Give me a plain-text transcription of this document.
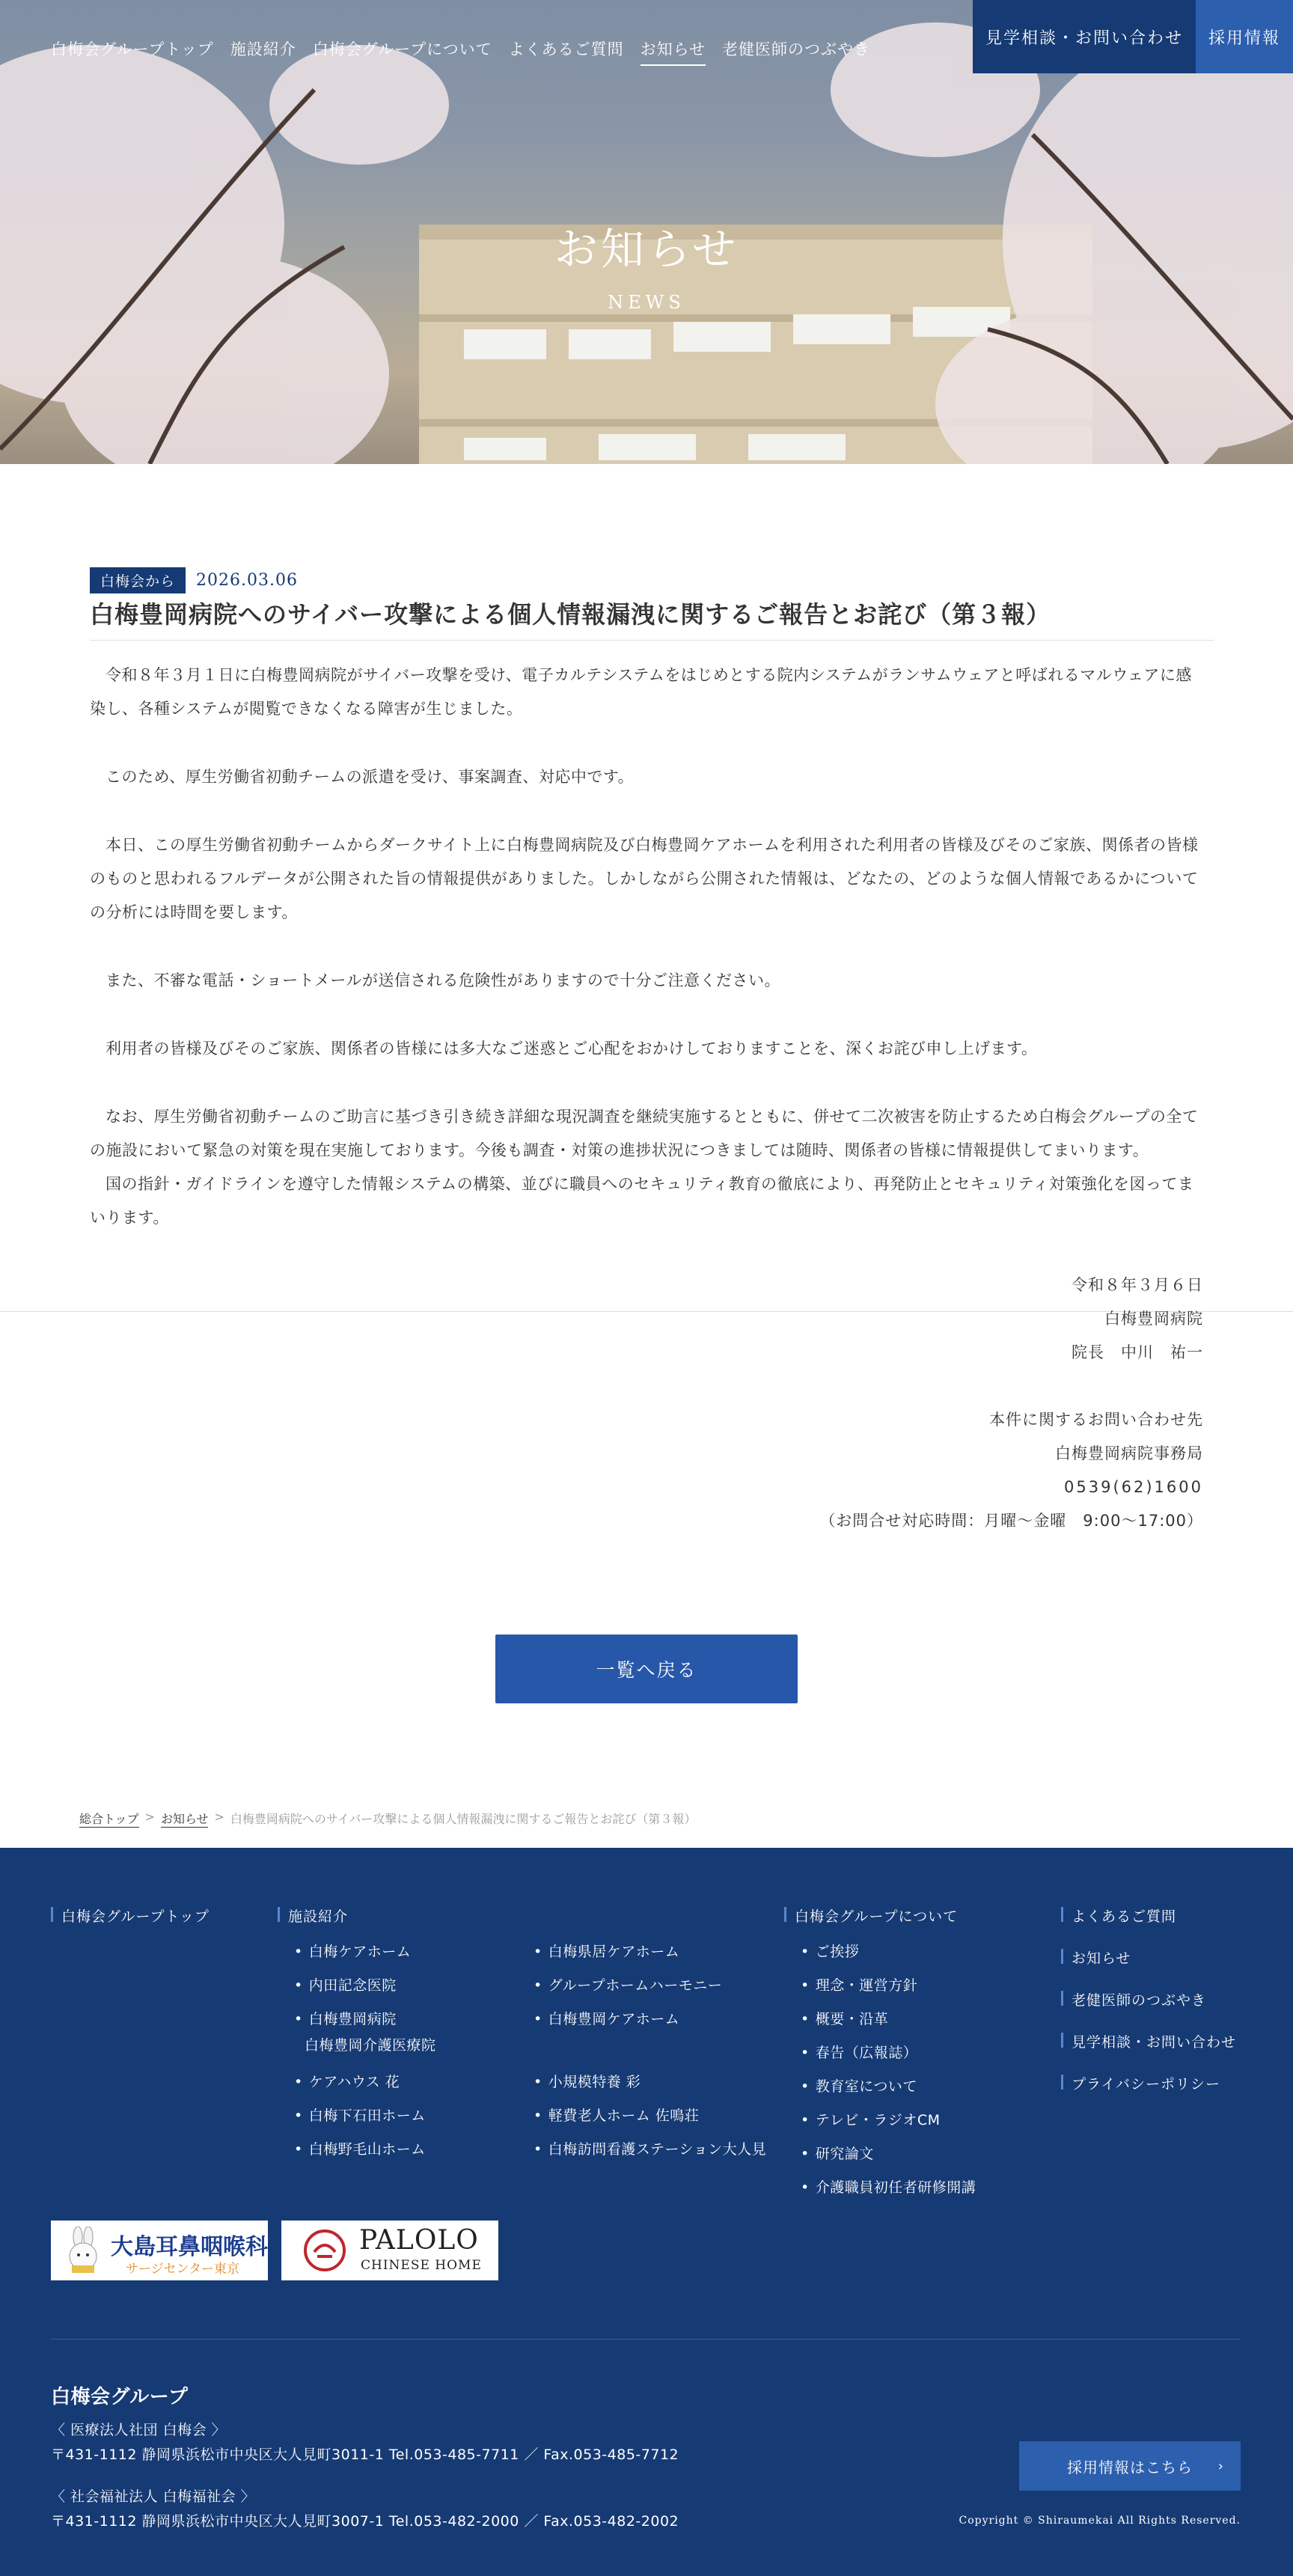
白梅会グループトップ 施設紹介 白梅会グループについて よくあるご質問 お知らせ 老健医師のつぶやき
見学相談・お問い合わせ	採用情報
お知らせ
NEWS
白梅会から	2026.03.06
白梅豊岡病院へのサイバー攻撃による個人情報漏洩に関するご報告とお詫び（第３報）

令和８年３月１日に白梅豊岡病院がサイバー攻撃を受け、電子カルテシステムをはじめとする院内システムがランサムウェアと呼ばれるマルウェアに感染し、各種システムが閲覧できなくなる障害が生じました。

このため、厚生労働省初動チームの派遣を受け、事案調査、対応中です。

本日、この厚生労働省初動チームからダークサイト上に白梅豊岡病院及び白梅豊岡ケアホームを利用された利用者の皆様及びそのご家族、関係者の皆様のものと思われるフルデータが公開された旨の情報提供がありました。しかしながら公開された情報は、どなたの、どのような個人情報であるかについての分析には時間を要します。

また、不審な電話・ショートメールが送信される危険性がありますので十分ご注意ください。

利用者の皆様及びそのご家族、関係者の皆様には多大なご迷惑とご心配をおかけしておりますことを、深くお詫び申し上げます。

なお、厚生労働省初動チームのご助言に基づき引き続き詳細な現況調査を継続実施するとともに、併せて二次被害を防止するため白梅会グループの全ての施設において緊急の対策を現在実施しております。今後も調査・対策の進捗状況につきましては随時、関係者の皆様に情報提供してまいります。

国の指針・ガイドラインを遵守した情報システムの構築、並びに職員へのセキュリティ教育の徹底により、再発防止とセキュリティ対策強化を図ってまいります。

令和８年３月６日
白梅豊岡病院
院長　中川　祐一
本件に関するお問い合わせ先
白梅豊岡病院事務局
0539(62)1600
（お問合せ対応時間：月曜～金曜　9:00～17:00）
一覧へ戻る
総合トップ > お知らせ > 白梅豊岡病院へのサイバー攻撃による個人情報漏洩に関するご報告とお詫び（第３報）
白梅会グループトップ	施設紹介
• 白梅ケアホーム
• 内田記念医院
• 白梅豊岡病院
白梅豊岡介護医療院
• ケアハウス 花
• 白梅下石田ホーム
• 白梅野毛山ホーム
• 白梅県居ケアホーム
• グループホームハーモニー
• 白梅豊岡ケアホーム
• 小規模特養 彩
• 軽費老人ホーム 佐鳴荘
• 白梅訪問看護ステーション大人見
白梅会グループについて
• ご挨拶
• 理念・運営方針
• 概要・沿革
• 春告（広報誌）
• 教育室について
• テレビ・ラジオCM
• 研究論文
• 介護職員初任者研修開講
よくあるご質問
お知らせ
老健医師のつぶやき
見学相談・お問い合わせ
プライバシーポリシー
大島耳鼻咽喉科
サージセンター東京
PALOLO
CHINESE HOME
白梅会グループ
〈 医療法人社団 白梅会 〉
〒431-1112 静岡県浜松市中央区大人見町3011-1 Tel.053-485-7711 ／ Fax.053-485-7712
〈 社会福祉法人 白梅福祉会 〉
〒431-1112 静岡県浜松市中央区大人見町3007-1 Tel.053-482-2000 ／ Fax.053-482-2002
採用情報はこちら ›
Copyright © Shiraumekai All Rights Reserved.
